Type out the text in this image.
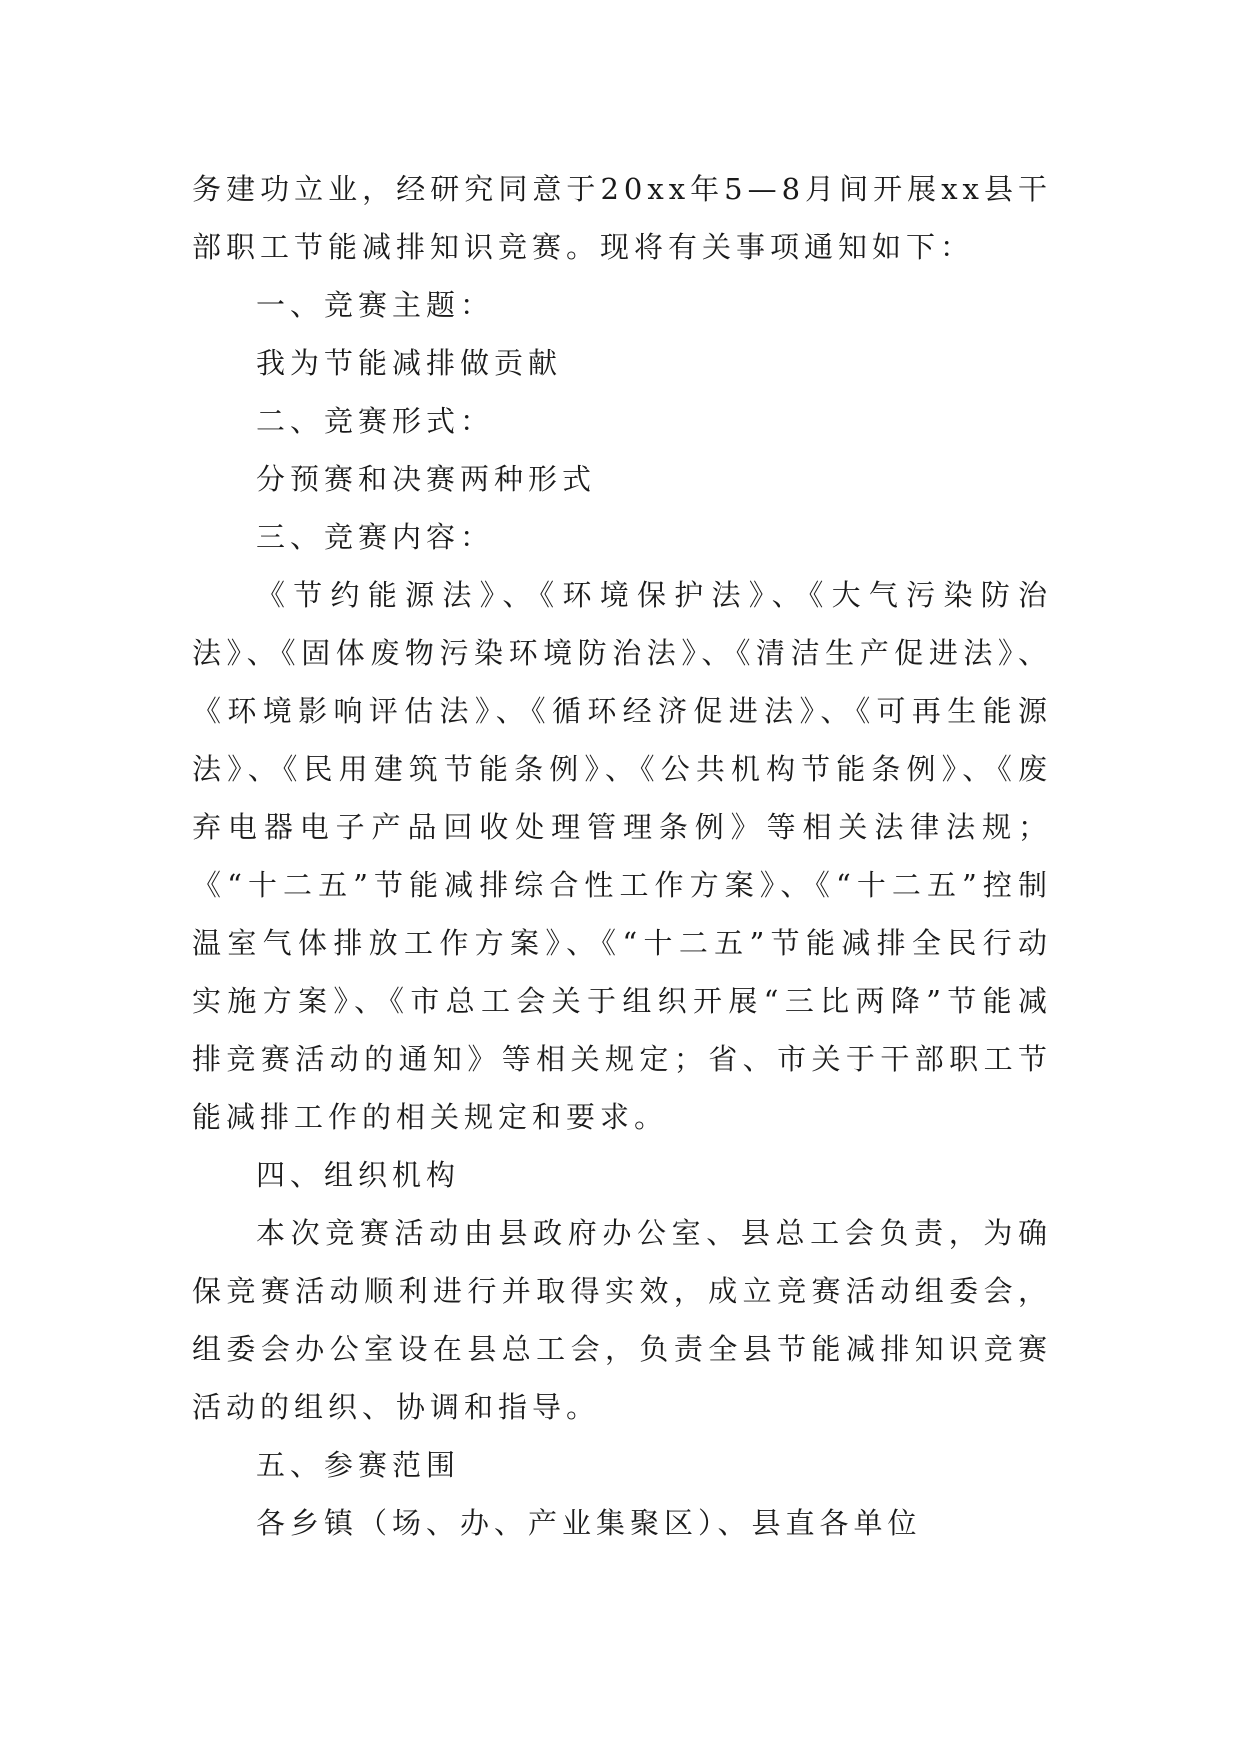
务建功立业，经研究同意于20xx年5—8月间开展xx县干部职工节能减排知识竞赛。现将有关事项通知如下：

一、竞赛主题：

我为节能减排做贡献

二、竞赛形式：

分预赛和决赛两种形式

三、竞赛内容：

《节约能源法》、《环境保护法》、《大气污染防治法》、《固体废物污染环境防治法》、《清洁生产促进法》、《环境影响评估法》、《循环经济促进法》、《可再生能源法》、《民用建筑节能条例》、《公共机构节能条例》、《废弃电器电子产品回收处理管理条例》等相关法律法规；《“十二五”节能减排综合性工作方案》、《“十二五”控制温室气体排放工作方案》、《“十二五”节能减排全民行动实施方案》、《市总工会关于组织开展“三比两降”节能减排竞赛活动的通知》等相关规定；省、市关于干部职工节能减排工作的相关规定和要求。

四、组织机构

本次竞赛活动由县政府办公室、县总工会负责，为确保竞赛活动顺利进行并取得实效，成立竞赛活动组委会，组委会办公室设在县总工会，负责全县节能减排知识竞赛活动的组织、协调和指导。

五、参赛范围

各乡镇（场、办、产业集聚区）、县直各单位
